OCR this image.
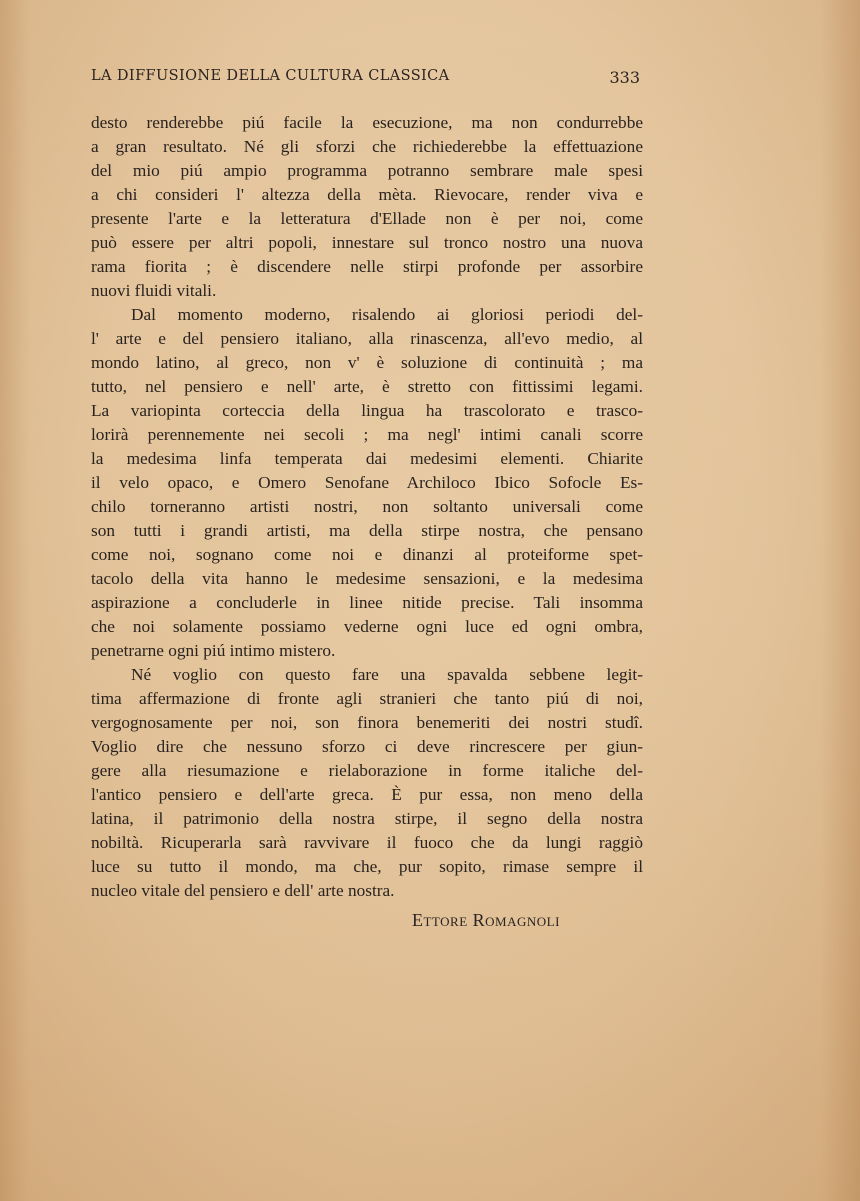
LA DIFFUSIONE DELLA CULTURA CLASSICA	333
desto renderebbe piú facile la esecuzione, ma non condurrebbe
a gran resultato. Né gli sforzi che richiederebbe la effettuazione
del mio piú ampio programma potranno sembrare male spesi
a chi consideri l' altezza della mèta. Rievocare, render viva e
presente l'arte e la letteratura d'Ellade non è per noi, come
può essere per altri popoli, innestare sul tronco nostro una nuova
rama fiorita ; è discendere nelle stirpi profonde per assorbire
nuovi fluidi vitali.
Dal momento moderno, risalendo ai gloriosi periodi del-
l' arte e del pensiero italiano, alla rinascenza, all'evo medio, al
mondo latino, al greco, non v' è soluzione di continuità ; ma
tutto, nel pensiero e nell' arte, è stretto con fittissimi legami.
La variopinta corteccia della lingua ha trascolorato e trasco-
lorirà perennemente nei secoli ; ma negl' intimi canali scorre
la medesima linfa temperata dai medesimi elementi. Chiarite
il velo opaco, e Omero Senofane Archiloco Ibico Sofocle Es-
chilo torneranno artisti nostri, non soltanto universali come
son tutti i grandi artisti, ma della stirpe nostra, che pensano
come noi, sognano come noi e dinanzi al proteiforme spet-
tacolo della vita hanno le medesime sensazioni, e la medesima
aspirazione a concluderle in linee nitide precise. Tali insomma
che noi solamente possiamo vederne ogni luce ed ogni ombra,
penetrarne ogni piú intimo mistero.
Né voglio con questo fare una spavalda sebbene legit-
tima affermazione di fronte agli stranieri che tanto piú di noi,
vergognosamente per noi, son finora benemeriti dei nostri studî.
Voglio dire che nessuno sforzo ci deve rincrescere per giun-
gere alla riesumazione e rielaborazione in forme italiche del-
l'antico pensiero e dell'arte greca. È pur essa, non meno della
latina, il patrimonio della nostra stirpe, il segno della nostra
nobiltà. Ricuperarla sarà ravvivare il fuoco che da lungi raggiò
luce su tutto il mondo, ma che, pur sopito, rimase sempre il
nucleo vitale del pensiero e dell' arte nostra.
Ettore Romagnoli
